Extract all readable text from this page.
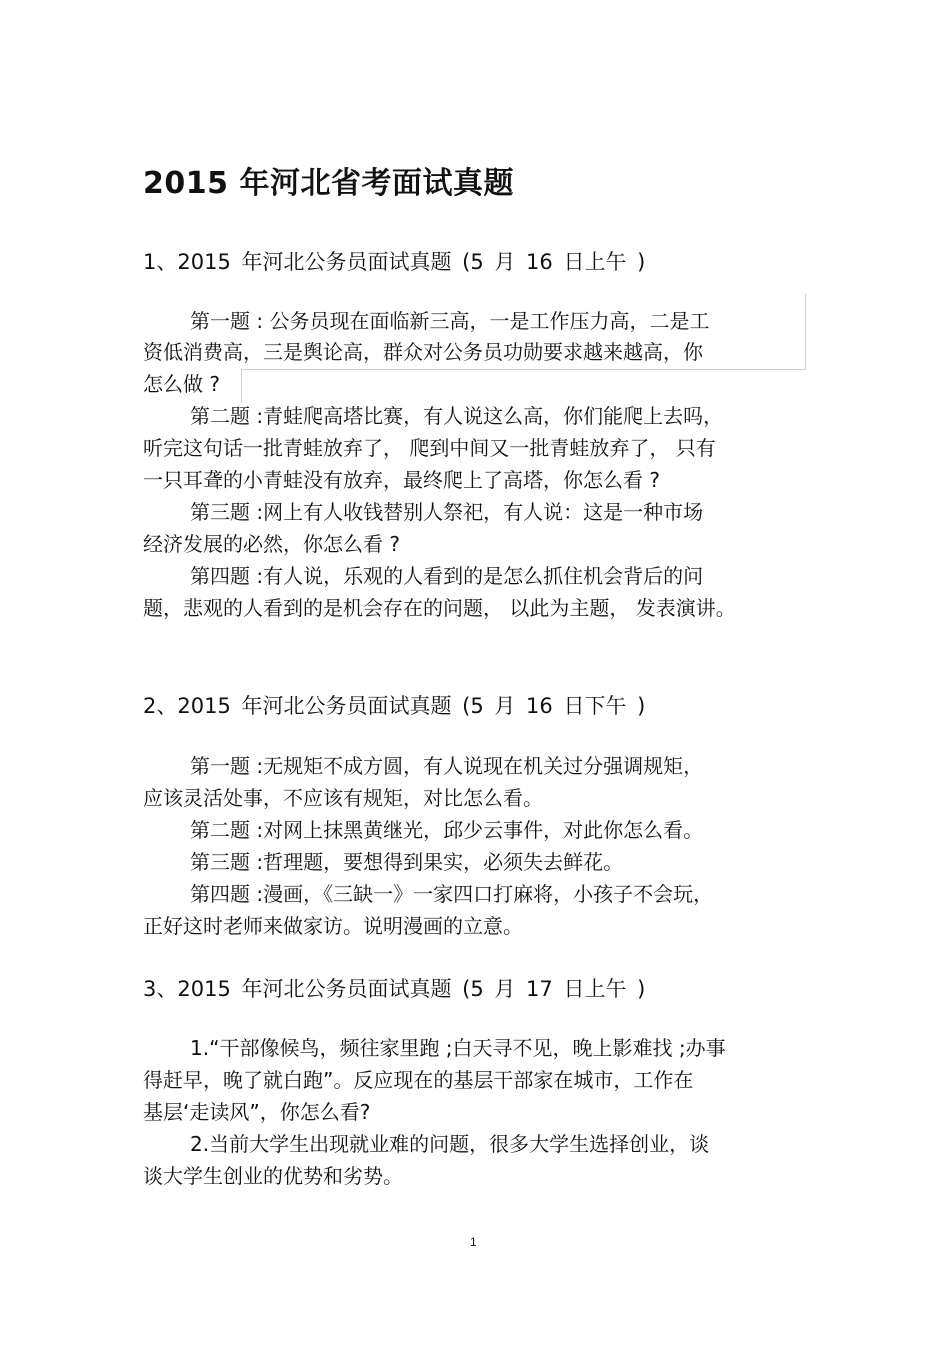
2015 年河北省考面试真题
1、2015 年河北公务员面试真题 (5 月 16 日上午 )
第一题 : 公务员现在面临新三高，一是工作压力高，二是工
资低消费高，三是舆论高，群众对公务员功勋要求越来越高，你
怎么做 ?
第二题 :青蛙爬高塔比赛，有人说这么高，你们能爬上去吗，
听完这句话一批青蛙放弃了， 爬到中间又一批青蛙放弃了， 只有
一只耳聋的小青蛙没有放弃，最终爬上了高塔，你怎么看 ?
第三题 :网上有人收钱替别人祭祀，有人说：这是一种市场
经济发展的必然，你怎么看 ?
第四题 :有人说，乐观的人看到的是怎么抓住机会背后的问
题，悲观的人看到的是机会存在的问题， 以此为主题， 发表演讲。
2、2015 年河北公务员面试真题 (5 月 16 日下午 )
第一题 :无规矩不成方圆，有人说现在机关过分强调规矩，
应该灵活处事，不应该有规矩，对比怎么看。
第二题 :对网上抹黑黄继光，邱少云事件，对此你怎么看。
第三题 :哲理题，要想得到果实，必须失去鲜花。
第四题 :漫画，《三缺一》一家四口打麻将，小孩子不会玩，
正好这时老师来做家访。说明漫画的立意。
3、2015 年河北公务员面试真题 (5 月 17 日上午 )
1.“干部像候鸟，频往家里跑 ;白天寻不见，晚上影难找 ;办事
得赶早，晚了就白跑”。反应现在的基层干部家在城市，工作在
基层‘走读风”，你怎么看?
2.当前大学生出现就业难的问题，很多大学生选择创业，谈
谈大学生创业的优势和劣势。
1
